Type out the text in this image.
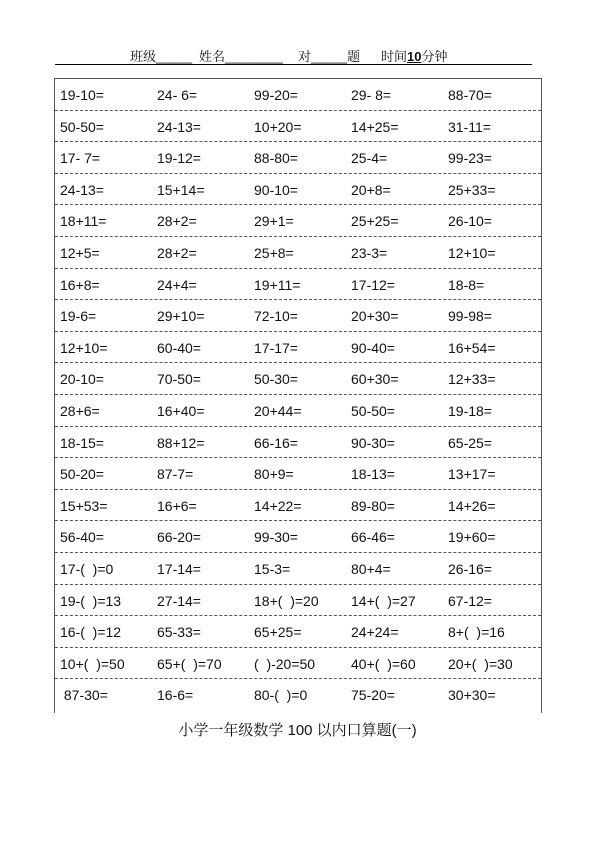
班级_____ 姓名________ 对_____题 时间10分钟
19-10=	24- 6=	99-20=	29- 8=	88-70=
50-50=	24-13=	10+20=	14+25=	31-11=
17- 7=	19-12=	88-80=	25-4=	99-23=
24-13=	15+14=	90-10=	20+8=	25+33=
18+11=	28+2=	29+1=	25+25=	26-10=
12+5=	28+2=	25+8=	23-3=	12+10=
16+8=	24+4=	19+11=	17-12=	18-8=
19-6=	29+10=	72-10=	20+30=	99-98=
12+10=	60-40=	17-17=	90-40=	16+54=
20-10=	70-50=	50-30=	60+30=	12+33=
28+6=	16+40=	20+44=	50-50=	19-18=
18-15=	88+12=	66-16=	90-30=	65-25=
50-20=	87-7=	80+9=	18-13=	13+17=
15+53=	16+6=	14+22=	89-80=	14+26=
56-40=	66-20=	99-30=	66-46=	19+60=
17-(  )=0	17-14=	15-3=	80+4=	26-16=
19-(  )=13	27-14=	18+(  )=20 14+(  )=27 67-12=
16-(  )=12	65-33=	65+25=	24+24=	8+(  )=16
10+(  )=50 65+(  )=70 (  )-20=50	40+(  )=60 20+(  )=30
87-30=	16-6=	80-(  )=0	75-20=	30+30=
小学一年级数学 100 以内口算题(一)
